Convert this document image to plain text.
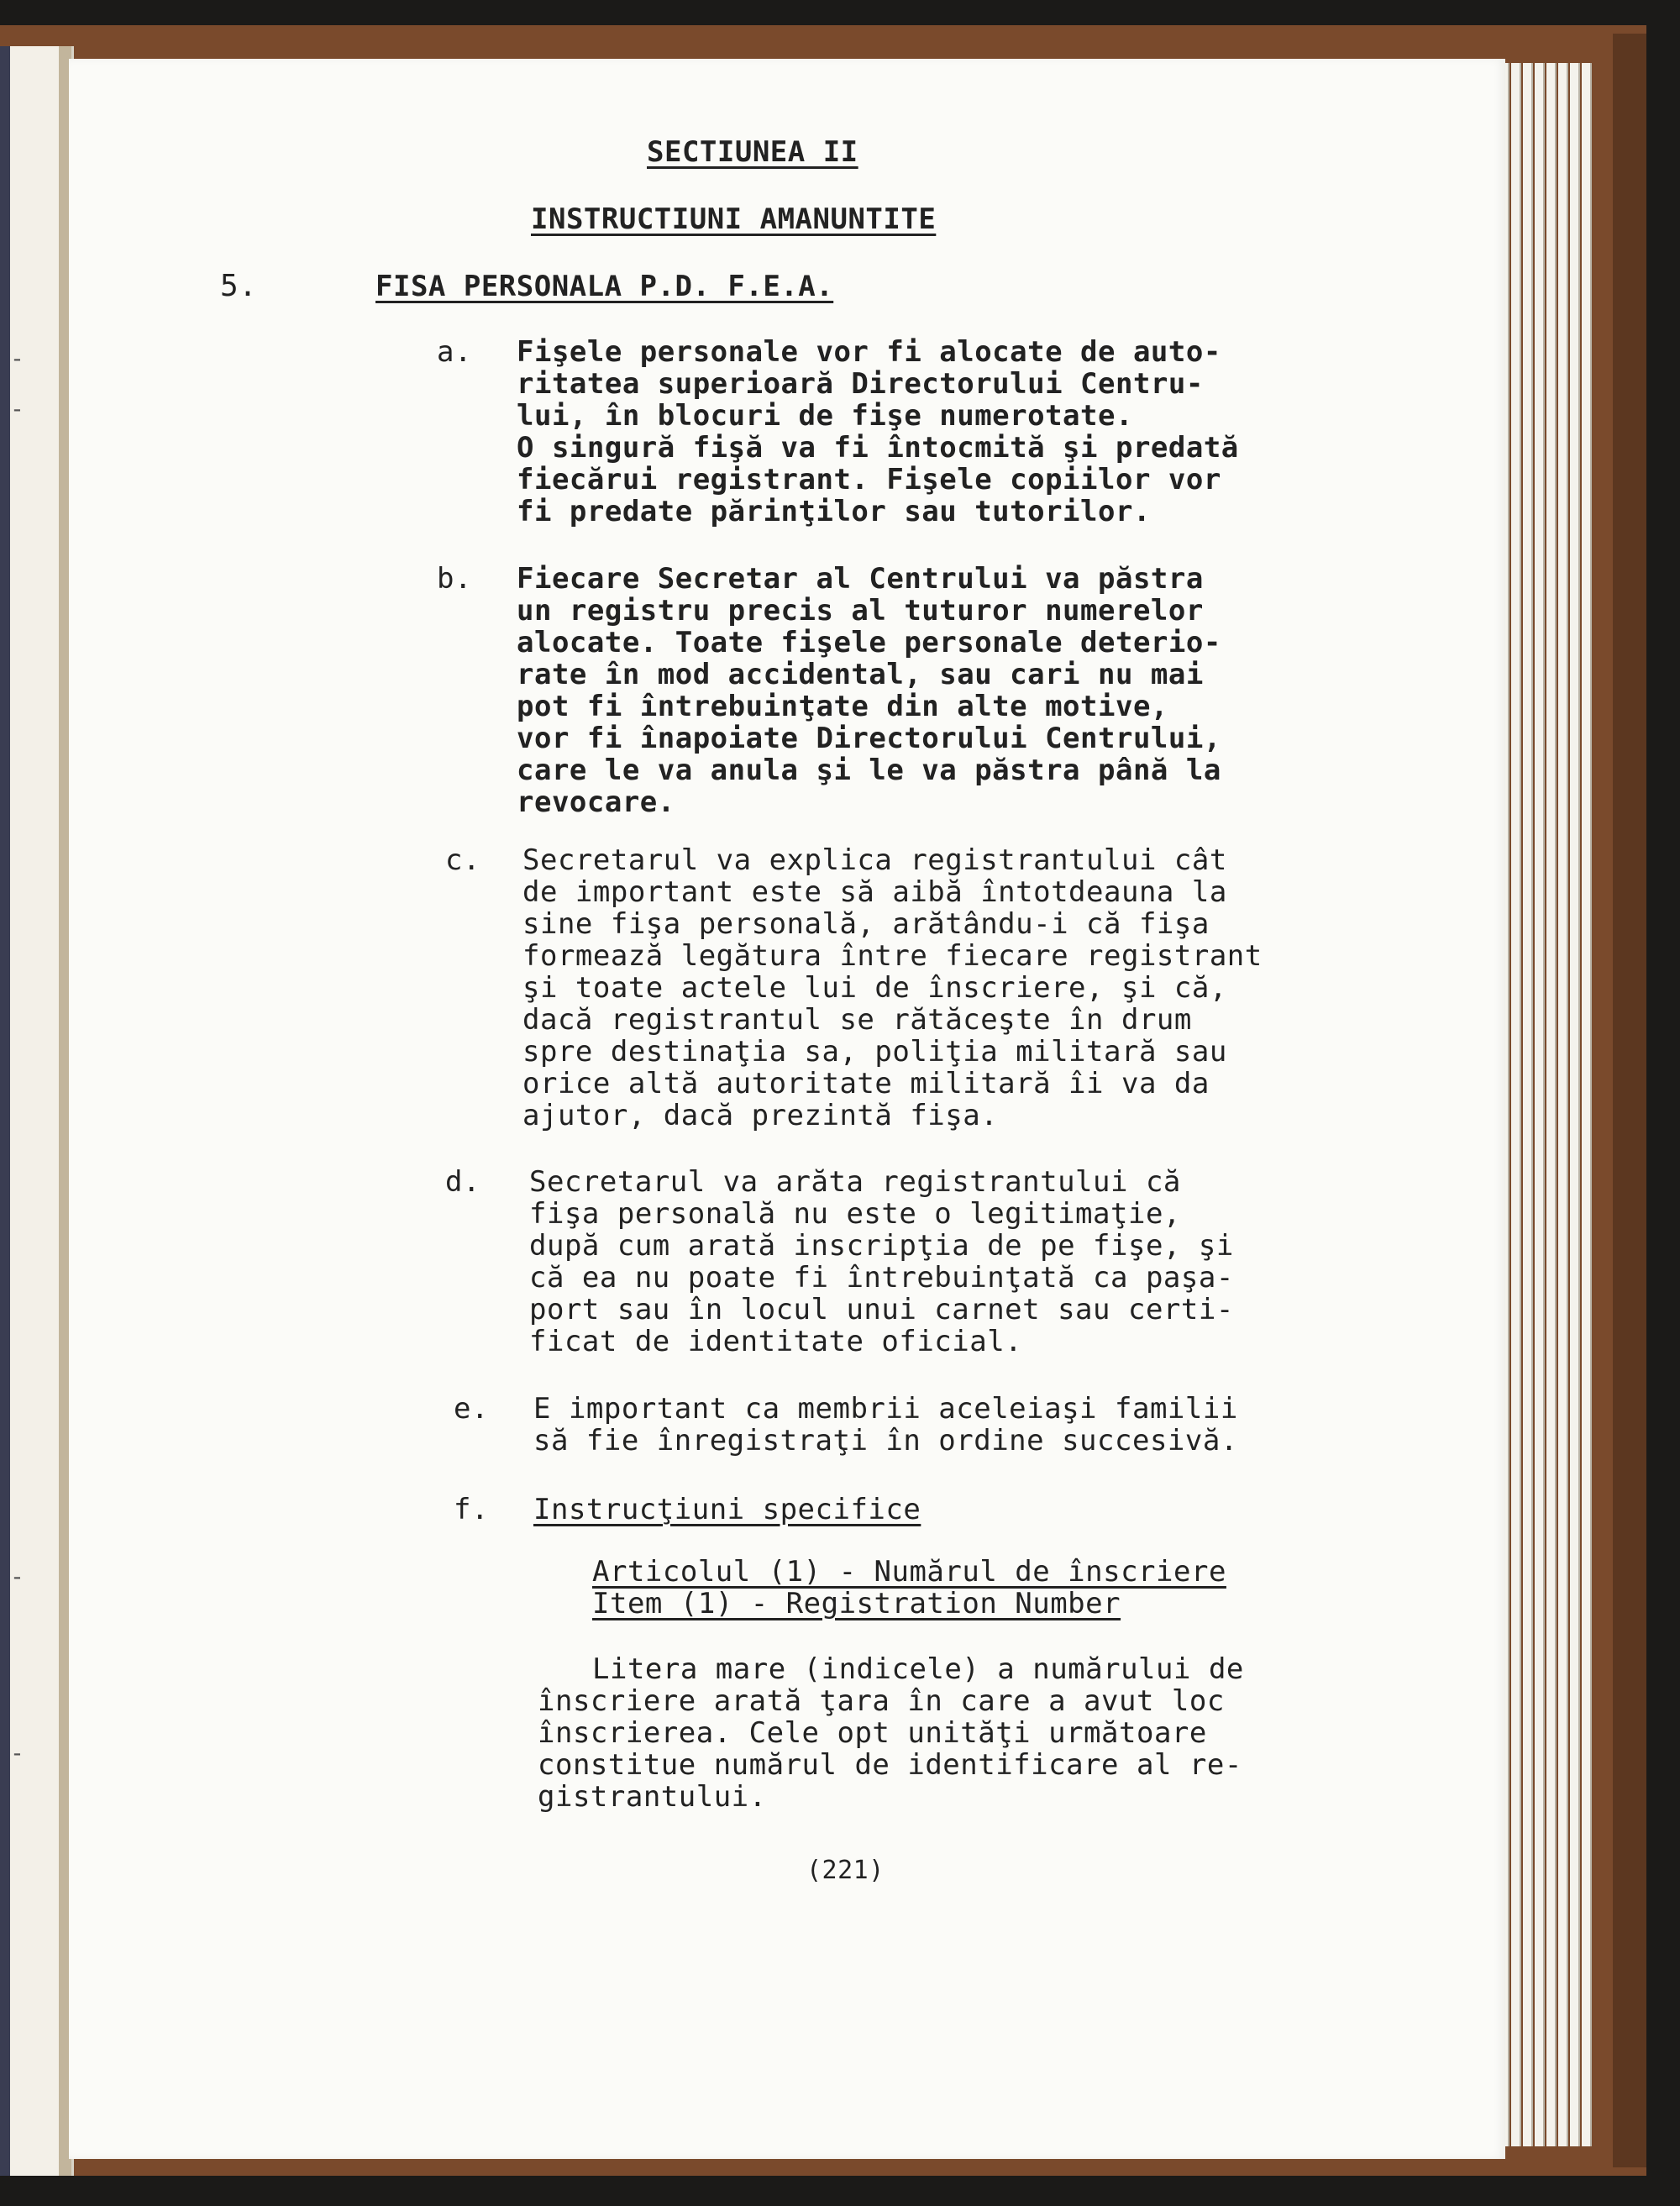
-
-
-
-
SECTIUNEA II
INSTRUCTIUNI AMANUNTITE
5.	FISA PERSONALA P.D. F.E.A.
a. Fişele personale vor fi alocate de auto-
ritatea superioară Directorului Centru-
lui, în blocuri de fişe numerotate.
O singură fişă va fi întocmită şi predată
fiecărui registrant. Fişele copiilor vor
fi predate părinţilor sau tutorilor.
b. Fiecare Secretar al Centrului va păstra
un registru precis al tuturor numerelor
alocate. Toate fişele personale deterio-
rate în mod accidental, sau cari nu mai
pot fi întrebuinţate din alte motive,
vor fi înapoiate Directorului Centrului,
care le va anula şi le va păstra până la
revocare.
c. Secretarul va explica registrantului cât
de important este să aibă întotdeauna la
sine fişa personală, arătându-i că fişa
formează legătura între fiecare registrant
şi toate actele lui de înscriere, şi că,
dacă registrantul se rătăceşte în drum
spre destinaţia sa, poliţia militară sau
orice altă autoritate militară îi va da
ajutor, dacă prezintă fişa.
d. Secretarul va arăta registrantului că
fişa personală nu este o legitimaţie,
după cum arată inscripţia de pe fişe, şi
că ea nu poate fi întrebuinţată ca paşa-
port sau în locul unui carnet sau certi-
ficat de identitate oficial.
e. E important ca membrii aceleiaşi familii
să fie înregistraţi în ordine succesivă.
f. Instrucţiuni specifice
Articolul (1) - Numărul de înscriere
Item (1) - Registration Number
Litera mare (indicele) a numărului de
înscriere arată ţara în care a avut loc
înscrierea. Cele opt unităţi următoare
constitue numărul de identificare al re-
gistrantului.
(221)
